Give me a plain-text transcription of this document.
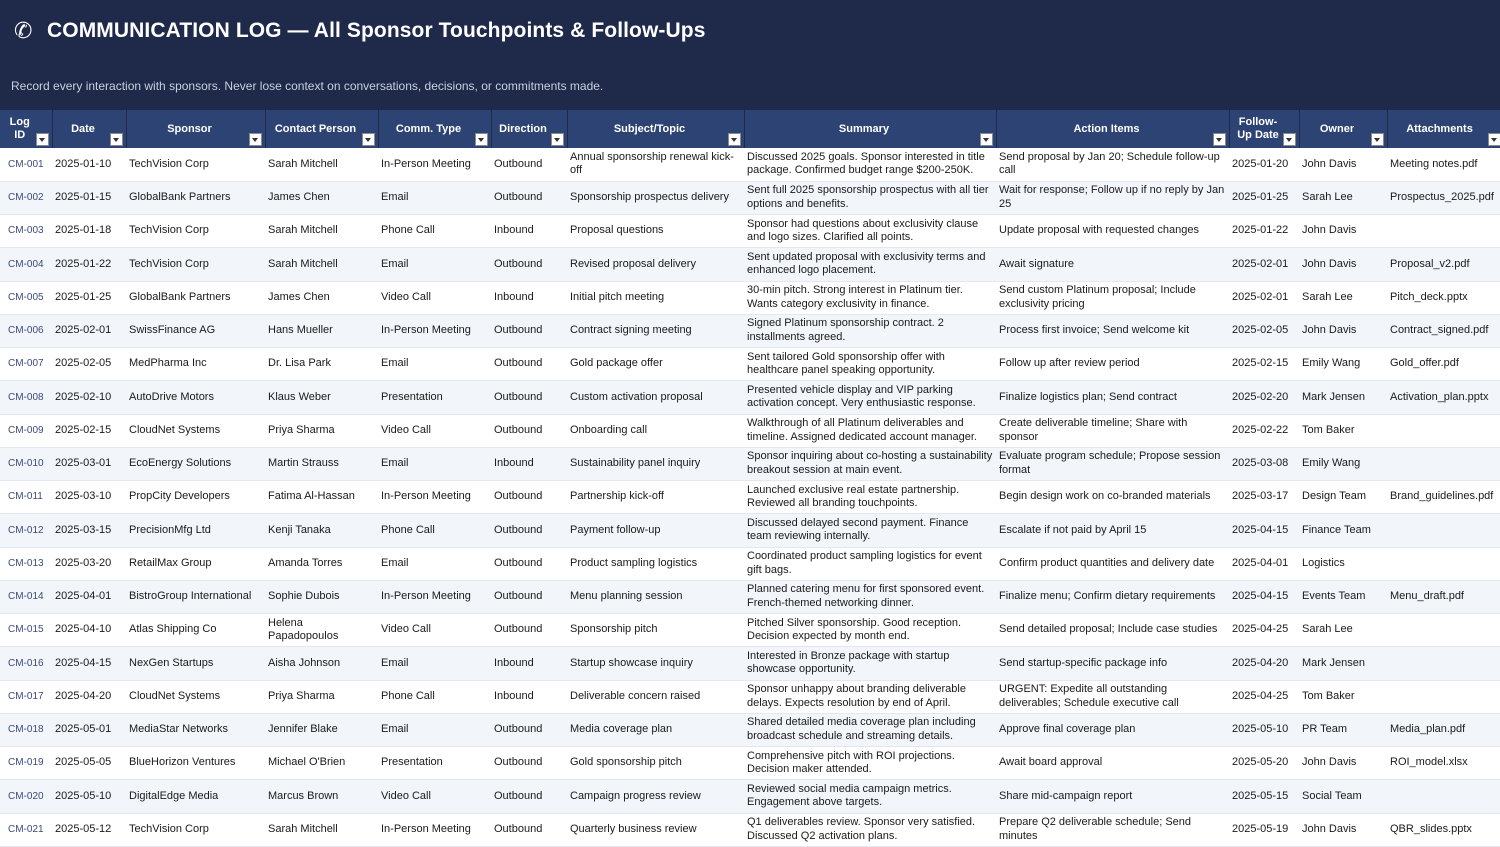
✆ COMMUNICATION LOG — All Sponsor Touchpoints & Follow-Ups
Record every interaction with sponsors. Never lose context on conversations, decisions, or commitments made.
Log ID	Date	Sponsor	Contact Person	Comm. Type	Direction	Subject/Topic	Summary	Action Items	Follow-Up Date	Owner	Attachments

CM-001	2025-01-10	TechVision Corp	Sarah Mitchell	In-Person Meeting	Outbound	Annual sponsorship renewal kick-off	Discussed 2025 goals. Sponsor interested in title package. Confirmed budget range $200-250K.	Send proposal by Jan 20; Schedule follow-up call	2025-01-20	John Davis	Meeting notes.pdf
CM-002	2025-01-15	GlobalBank Partners	James Chen	Email	Outbound	Sponsorship prospectus delivery	Sent full 2025 sponsorship prospectus with all tier options and benefits.	Wait for response; Follow up if no reply by Jan 25	2025-01-25	Sarah Lee	Prospectus_2025.pdf
CM-003	2025-01-18	TechVision Corp	Sarah Mitchell	Phone Call	Inbound	Proposal questions	Sponsor had questions about exclusivity clause and logo sizes. Clarified all points.	Update proposal with requested changes	2025-01-22	John Davis	
CM-004	2025-01-22	TechVision Corp	Sarah Mitchell	Email	Outbound	Revised proposal delivery	Sent updated proposal with exclusivity terms and enhanced logo placement.	Await signature	2025-02-01	John Davis	Proposal_v2.pdf
CM-005	2025-01-25	GlobalBank Partners	James Chen	Video Call	Inbound	Initial pitch meeting	30-min pitch. Strong interest in Platinum tier. Wants category exclusivity in finance.	Send custom Platinum proposal; Include exclusivity pricing	2025-02-01	Sarah Lee	Pitch_deck.pptx
CM-006	2025-02-01	SwissFinance AG	Hans Mueller	In-Person Meeting	Outbound	Contract signing meeting	Signed Platinum sponsorship contract. 2 installments agreed.	Process first invoice; Send welcome kit	2025-02-05	John Davis	Contract_signed.pdf
CM-007	2025-02-05	MedPharma Inc	Dr. Lisa Park	Email	Outbound	Gold package offer	Sent tailored Gold sponsorship offer with healthcare panel speaking opportunity.	Follow up after review period	2025-02-15	Emily Wang	Gold_offer.pdf
CM-008	2025-02-10	AutoDrive Motors	Klaus Weber	Presentation	Outbound	Custom activation proposal	Presented vehicle display and VIP parking activation concept. Very enthusiastic response.	Finalize logistics plan; Send contract	2025-02-20	Mark Jensen	Activation_plan.pptx
CM-009	2025-02-15	CloudNet Systems	Priya Sharma	Video Call	Outbound	Onboarding call	Walkthrough of all Platinum deliverables and timeline. Assigned dedicated account manager.	Create deliverable timeline; Share with sponsor	2025-02-22	Tom Baker	
CM-010	2025-03-01	EcoEnergy Solutions	Martin Strauss	Email	Inbound	Sustainability panel inquiry	Sponsor inquiring about co-hosting a sustainability breakout session at main event.	Evaluate program schedule; Propose session format	2025-03-08	Emily Wang	
CM-011	2025-03-10	PropCity Developers	Fatima Al-Hassan	In-Person Meeting	Outbound	Partnership kick-off	Launched exclusive real estate partnership. Reviewed all branding touchpoints.	Begin design work on co-branded materials	2025-03-17	Design Team	Brand_guidelines.pdf
CM-012	2025-03-15	PrecisionMfg Ltd	Kenji Tanaka	Phone Call	Outbound	Payment follow-up	Discussed delayed second payment. Finance team reviewing internally.	Escalate if not paid by April 15	2025-04-15	Finance Team	
CM-013	2025-03-20	RetailMax Group	Amanda Torres	Email	Outbound	Product sampling logistics	Coordinated product sampling logistics for event gift bags.	Confirm product quantities and delivery date	2025-04-01	Logistics	
CM-014	2025-04-01	BistroGroup International	Sophie Dubois	In-Person Meeting	Outbound	Menu planning session	Planned catering menu for first sponsored event. French-themed networking dinner.	Finalize menu; Confirm dietary requirements	2025-04-15	Events Team	Menu_draft.pdf
CM-015	2025-04-10	Atlas Shipping Co	Helena Papadopoulos	Video Call	Outbound	Sponsorship pitch	Pitched Silver sponsorship. Good reception. Decision expected by month end.	Send detailed proposal; Include case studies	2025-04-25	Sarah Lee	
CM-016	2025-04-15	NexGen Startups	Aisha Johnson	Email	Inbound	Startup showcase inquiry	Interested in Bronze package with startup showcase opportunity.	Send startup-specific package info	2025-04-20	Mark Jensen	
CM-017	2025-04-20	CloudNet Systems	Priya Sharma	Phone Call	Inbound	Deliverable concern raised	Sponsor unhappy about branding deliverable delays. Expects resolution by end of April.	URGENT: Expedite all outstanding deliverables; Schedule executive call	2025-04-25	Tom Baker	
CM-018	2025-05-01	MediaStar Networks	Jennifer Blake	Email	Outbound	Media coverage plan	Shared detailed media coverage plan including broadcast schedule and streaming details.	Approve final coverage plan	2025-05-10	PR Team	Media_plan.pdf
CM-019	2025-05-05	BlueHorizon Ventures	Michael O'Brien	Presentation	Outbound	Gold sponsorship pitch	Comprehensive pitch with ROI projections. Decision maker attended.	Await board approval	2025-05-20	John Davis	ROI_model.xlsx
CM-020	2025-05-10	DigitalEdge Media	Marcus Brown	Video Call	Outbound	Campaign progress review	Reviewed social media campaign metrics. Engagement above targets.	Share mid-campaign report	2025-05-15	Social Team	
CM-021	2025-05-12	TechVision Corp	Sarah Mitchell	In-Person Meeting	Outbound	Quarterly business review	Q1 deliverables review. Sponsor very satisfied. Discussed Q2 activation plans.	Prepare Q2 deliverable schedule; Send minutes	2025-05-19	John Davis	QBR_slides.pptx
